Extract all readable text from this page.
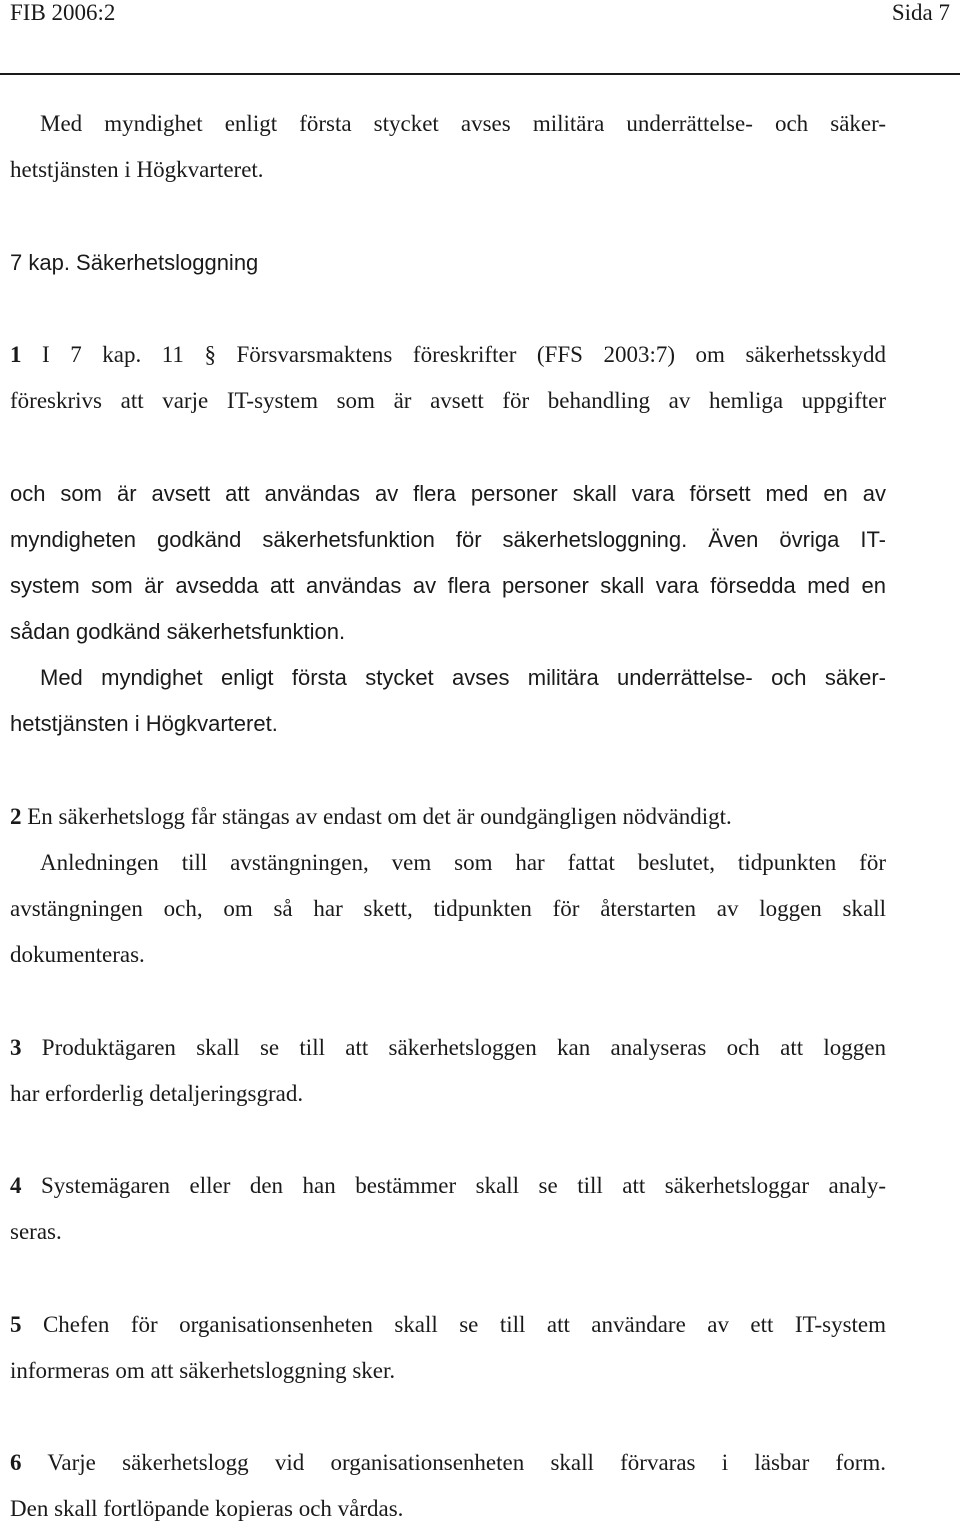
FIB 2006:2	Sida 7
Med myndighet enligt första stycket avses militära underrättelse- och säker-
hetstjänsten i Högkvarteret.
7 kap. Säkerhetsloggning
1 I 7 kap. 11 § Försvarsmaktens föreskrifter (FFS 2003:7) om säkerhetsskydd
föreskrivs att varje IT-system som är avsett för behandling av hemliga uppgifter
och som är avsett att användas av flera personer skall vara försett med en av
myndigheten godkänd säkerhetsfunktion för säkerhetsloggning. Även övriga IT-
system som är avsedda att användas av flera personer skall vara försedda med en
sådan godkänd säkerhetsfunktion.
Med myndighet enligt första stycket avses militära underrättelse- och säker-
hetstjänsten i Högkvarteret.
2 En säkerhetslogg får stängas av endast om det är oundgängligen nödvändigt.
Anledningen till avstängningen, vem som har fattat beslutet, tidpunkten för
avstängningen och, om så har skett, tidpunkten för återstarten av loggen skall
dokumenteras.
3 Produktägaren skall se till att säkerhetsloggen kan analyseras och att loggen
har erforderlig detaljeringsgrad.
4 Systemägaren eller den han bestämmer skall se till att säkerhetsloggar analy-
seras.
5 Chefen för organisationsenheten skall se till att användare av ett IT-system
informeras om att säkerhetsloggning sker.
6 Varje säkerhetslogg vid organisationsenheten skall förvaras i läsbar form.
Den skall fortlöpande kopieras och vårdas.
